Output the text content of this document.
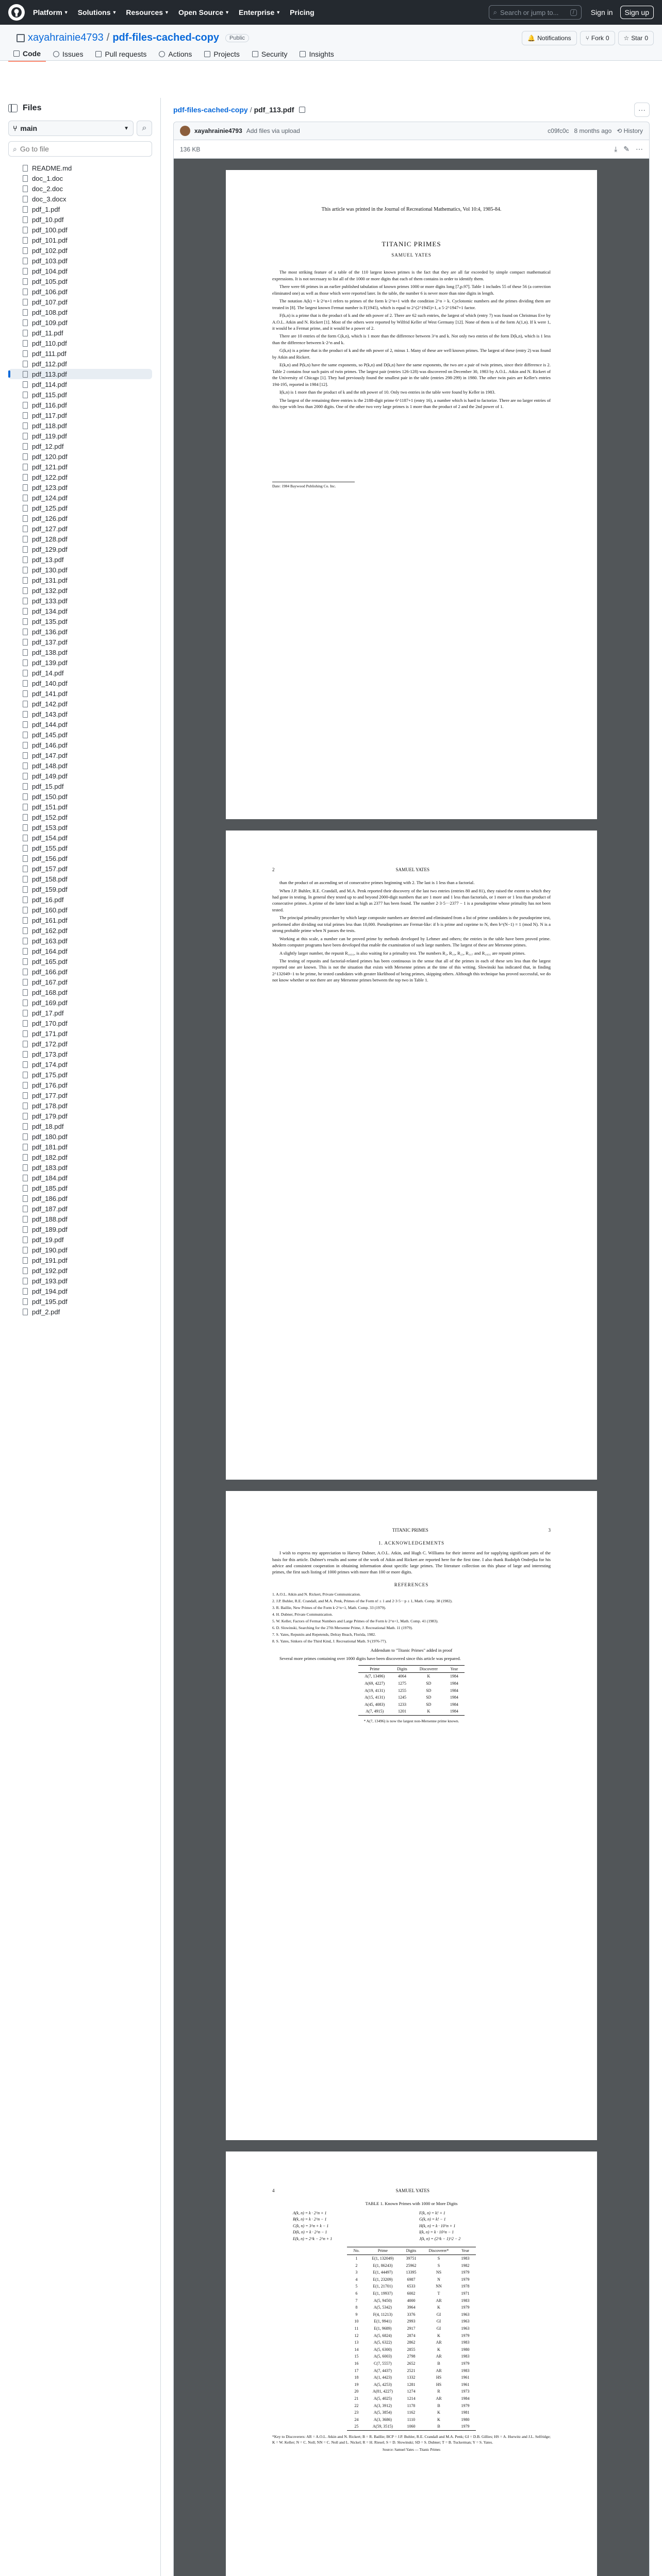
Platform ▼ Solutions ▼ Resources ▼ Open Source ▼ Enterprise ▼ Pricing	⌕ Search or jump to...	/	Sign in	Sign up
xayahrainie4793 / pdf-files-cached-copy	Public	🔔 Notifications ⑂ Fork 0 ☆ Star 0
Code	Issues	Pull requests	Actions	Projects	Security	Insights
Files
⑂ main	▼ ⌕
⌕
Go to file
README.md
doc_1.doc
doc_2.doc
doc_3.docx
pdf_1.pdf
pdf_10.pdf
pdf_100.pdf
pdf_101.pdf
pdf_102.pdf
pdf_103.pdf
pdf_104.pdf
pdf_105.pdf
pdf_106.pdf
pdf_107.pdf
pdf_108.pdf
pdf_109.pdf
pdf_11.pdf
pdf_110.pdf
pdf_111.pdf
pdf_112.pdf
pdf_113.pdf
pdf_114.pdf
pdf_115.pdf
pdf_116.pdf
pdf_117.pdf
pdf_118.pdf
pdf_119.pdf
pdf_12.pdf
pdf_120.pdf
pdf_121.pdf
pdf_122.pdf
pdf_123.pdf
pdf_124.pdf
pdf_125.pdf
pdf_126.pdf
pdf_127.pdf
pdf_128.pdf
pdf_129.pdf
pdf_13.pdf
pdf_130.pdf
pdf_131.pdf
pdf_132.pdf
pdf_133.pdf
pdf_134.pdf
pdf_135.pdf
pdf_136.pdf
pdf_137.pdf
pdf_138.pdf
pdf_139.pdf
pdf_14.pdf
pdf_140.pdf
pdf_141.pdf
pdf_142.pdf
pdf_143.pdf
pdf_144.pdf
pdf_145.pdf
pdf_146.pdf
pdf_147.pdf
pdf_148.pdf
pdf_149.pdf
pdf_15.pdf
pdf_150.pdf
pdf_151.pdf
pdf_152.pdf
pdf_153.pdf
pdf_154.pdf
pdf_155.pdf
pdf_156.pdf
pdf_157.pdf
pdf_158.pdf
pdf_159.pdf
pdf_16.pdf
pdf_160.pdf
pdf_161.pdf
pdf_162.pdf
pdf_163.pdf
pdf_164.pdf
pdf_165.pdf
pdf_166.pdf
pdf_167.pdf
pdf_168.pdf
pdf_169.pdf
pdf_17.pdf
pdf_170.pdf
pdf_171.pdf
pdf_172.pdf
pdf_173.pdf
pdf_174.pdf
pdf_175.pdf
pdf_176.pdf
pdf_177.pdf
pdf_178.pdf
pdf_179.pdf
pdf_18.pdf
pdf_180.pdf
pdf_181.pdf
pdf_182.pdf
pdf_183.pdf
pdf_184.pdf
pdf_185.pdf
pdf_186.pdf
pdf_187.pdf
pdf_188.pdf
pdf_189.pdf
pdf_19.pdf
pdf_190.pdf
pdf_191.pdf
pdf_192.pdf
pdf_193.pdf
pdf_194.pdf
pdf_195.pdf
pdf_2.pdf
pdf-files-cached-copy / pdf_113.pdf	···
xayahrainie4793 Add files via upload	c09fc0c 8 months ago ⟲ History
136 KB	⤓ ✎ ⋯

This article was printed in the Journal of Recreational Mathematics, Vol 10:4, 1985-84.

TITANIC PRIMES
SAMUEL YATES

The most striking feature of a table of the 110 largest known primes is the fact that they are all far exceeded by simple compact mathematical expressions. It is not necessary to list all of the 1000 or more digits that each of them contains in order to identify them.

There were 66 primes in an earlier published tabulation of known primes 1000 or more digits long [7,p.97]. Table 1 includes 55 of these 56 (a correction eliminated one) as well as those which were reported later. In the table, the number 6 is never more than nine digits in length.

The notation A(k) = k·2^n+1 refers to primes of the form k·2^n+1 with the condition 2^n > k. Cyclotomic numbers and the primes dividing them are treated in [8]. The largest known Fermat number is F(1945), which is equal to 2^(2^1945)+1, a 5·2^1947+1 factor.

F(k,n) is a prime that is the product of k and the nth power of 2. There are 62 such entries, the largest of which (entry 7) was found on Christmas Eve by A.O.L. Atkin and N. Rickert [1]. Most of the others were reported by Wilfrid Keller of West Germany [12]. None of them is of the form A(1,n). If k were 1, it would be a Fermat prime, and it would be a power of 2.

There are 10 entries of the form C(k,n), which is 1 more than the difference between 3^n and k. Not only two entries of the form D(k,n), which is 1 less than the difference between k·2^n and k.

G(k,n) is a prime that is the product of k and the nth power of 2, minus 1. Many of these are well known primes. The largest of these (entry 2) was found by Atkin and Rickert.

E(k,n) and P(k,n) have the same exponents, so P(k,n) and D(k,n) have the same exponents, the two are a pair of twin primes, since their difference is 2. Table 2 contains four such pairs of twin primes. The largest pair (entries 126-128) was discovered on December 30, 1983 by A.O.L. Atkin and N. Rickert of the University of Chicago [1]. They had previously found the smallest pair in the table (entries 298-299) in 1980. The other twin pairs are Keller's entries 194-195, reported in 1984 [12].

I(k,n) is 1 more than the product of k and the nth power of 10. Only two entries in the table were found by Keller in 1983.

The largest of the remaining three entries is the 2188-digit prime 6^1187+1 (entry 16), a number which is hard to factorize. There are no larger entries of this type with less than 2000 digits. One of the other two very large primes is 1 more than the product of 2 and the 2nd power of 1.

Date: 1984 Baywood Publishing Co. Inc.
2	SAMUEL YATES

than the product of an ascending set of consecutive primes beginning with 2. The last is 1 less than a factorial.

When J.P. Buhler, R.E. Crandall, and M.A. Penk reported their discovery of the last two entries (entries 80 and 81), they raised the extent to which they had gone in testing. In general they tested up to and beyond 2000-digit numbers that are 1 more and 1 less than factorials, or 1 more or 1 less than product of consecutive primes. A prime of the latter kind as high as 2377 has been found. The number 2·3·5···2377 − 1 is a pseudoprime whose primality has not been tested.

The principal primality procedure by which large composite numbers are detected and eliminated from a list of prime candidates is the pseudoprime test, performed after dividing out trial primes less than 10,000. Pseudoprimes are Fermat-like: if b is prime and coprime to N, then b^(N−1) ≡ 1 (mod N). N is a strong probable prime when N passes the tests.

Working at this scale, a number can be proved prime by methods developed by Lehmer and others; the entries in the table have been proved prime. Modern computer programs have been developed that enable the examination of such large numbers. The largest of these are Mersenne primes.

A slightly larger number, the repunit R₁₀₃₁, is also waiting for a primality test. The numbers R₂, R₁₉, R₂₃, R₃₁₇ and R₁₀₃₁ are repunit primes.

The testing of repunits and factorial-related primes has been continuous in the sense that all of the primes in each of these sets less than the largest reported one are known. This is not the situation that exists with Mersenne primes at the time of this writing. Slowinski has indicated that, in finding 2^132049−1 to be prime, he tested candidates with greater likelihood of being primes, skipping others. Although this technique has proved successful, we do not know whether or not there are any Mersenne primes between the top two in Table 1.

TITANIC PRIMES	3
1. ACKNOWLEDGEMENTS

I wish to express my appreciation to Harvey Dubner, A.O.L. Atkin, and Hugh C. Williams for their interest and for supplying significant parts of the basis for this article. Dubner's results and some of the work of Atkin and Rickert are reported here for the first time. I also thank Rudolph Ondrejka for his advice and consistent cooperation in obtaining information about specific large primes. The literature collection on this phase of large and interesting primes, the first such listing of 1000 primes with more than 100 or more digits.

REFERENCES

1. A.O.L. Atkin and N. Rickert, Private Communication.

2. J.P. Buhler, R.E. Crandall, and M.A. Penk, Primes of the Form n! ± 1 and 2·3·5···p ± 1, Math. Comp. 38 (1982).

3. R. Baillie, New Primes of the Form k·2^n+1, Math. Comp. 33 (1979).

4. H. Dubner, Private Communication.

5. W. Keller, Factors of Fermat Numbers and Large Primes of the Form k·2^n+1, Math. Comp. 41 (1983).

6. D. Slowinski, Searching for the 27th Mersenne Prime, J. Recreational Math. 11 (1979).

7. S. Yates, Repunits and Repetends, Delray Beach, Florida, 1982.

8. S. Yates, Sinkers of the Third Kind, J. Recreational Math. 9 (1976-77).

Addendum to "Titanic Primes" added in proof

Several more primes containing over 1000 digits have been discovered since this article was prepared.

Prime	Digits	Discoverer	Year
A(7, 13496)	4064	K	1984
A(69, 4227)	1275	SD	1984
A(19, 4131)	1255	SD	1984
A(15, 4131)	1245	SD	1984
A(45, 4083)	1233	SD	1984
A(7, 4915)	1201	K	1984

* A(7, 13496) is now the largest non-Mersenne prime known.

4	SAMUEL YATES

TABLE 1. Known Primes with 1000 or More Digits

A(k, n) = k · 2^n + 1	F(k, n) = k! + 1
B(k, n) = k · 2^n − 1	G(k, n) = k! − 1
C(k, n) = 3^n + k − 1	H(k, n) = k · 10^n + 1
D(k, n) = k · 2^n − 1	I(k, n) = k · 10^n − 1
E(k, n) = 2^k − 2^n + 1	J(k, n) = (2^k − 1)^2 − 2
No.	Prime	Digits	Discoverer*	Year
1	E(1, 132049)	39751	S	1983
2	E(1, 86243)	25962	S	1982
3	E(1, 44497)	13395	NS	1979
4	E(1, 23209)	6987	N	1979
5	E(1, 21701)	6533	NN	1978
6	E(1, 19937)	6002	T	1971
7	A(5, 9450)	4000	AR	1983
8	A(5, 5342)	3964	K	1979
9	F(4, 11213)	3376	GI	1963
10	E(1, 9941)	2993	GI	1963
11	E(1, 9689)	2917	GI	1963
12	A(5, 6824)	2874	K	1979
13	A(5, 6322)	2862	AR	1983
14	A(5, 6300)	2855	K	1980
15	A(5, 6003)	2798	AR	1983
16	C(7, 5557)	2652	B	1979
17	A(7, 4437)	2521	AR	1983
18	A(1, 4423)	1332	HS	1961
19	A(5, 4253)	1281	HS	1961
20	A(81, 4227)	1274	R	1973
21	A(5, 4025)	1214	AR	1984
22	A(3, 3912)	1178	B	1979
23	A(5, 3854)	1162	K	1981
24	A(3, 3686)	1110	K	1980
25	A(59, 3515)	1060	B	1979

*Key to Discoverers: AR = A.O.L. Atkin and N. Rickert; B = R. Baillie; BCP = J.P. Buhler, R.E. Crandall and M.A. Penk; GI = D.B. Gillies; HS = A. Hurwitz and J.L. Selfridge; K = W. Keller; N = C. Noll; NN = C. Noll and L. Nickel; R = H. Riesel; S = D. Slowinski; SD = S. Dubner; T = B. Tuckerman; Y = S. Yates.

Source: Samuel Yates — Titanic Primes
